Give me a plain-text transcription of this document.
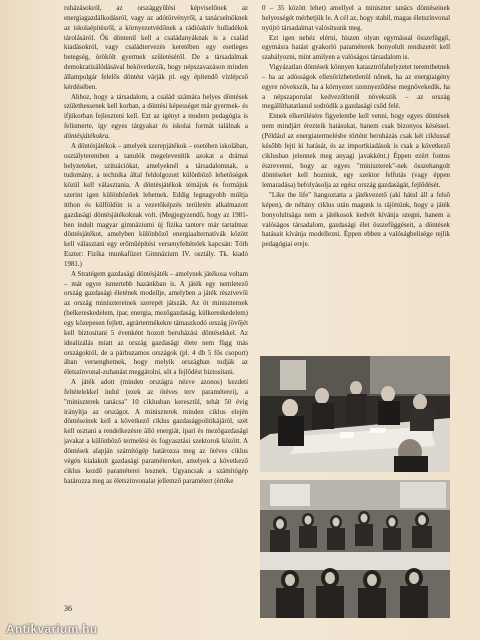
ruházásokról, az országgyűlési képviselőnek az energiagazdálkodásról, vagy az adótörvényről, a tanácselnöknek az iskolaépítésről, a környezetvédőnek a rádióaktív hulladékok tárolásáról. Ők döntenil kell a családanyáknak is a család kiadásokról, vagy családtervezés keretében egy esetleges betegség, örökölt gyermek születéséről. De a társadalmak demokratizálódásával bekövetkezik, hogy népszavazáson minden állampolgár felelős döntést várják pl. egy építendő vízlépcső kérdésében.

Ahhoz, hogy a társadalom, a család számára helyes döntések születhessenek kell korban, a döntési képességet már gyermek- és ifjúkorban fejleszteni kell. Ezt az igényt a modern pedagógia is felismerte, így egyes tárgyakat és iskolai formát találnak a döntésjátékokra.

A döntésjátékok – amelyek szerepjátékok – esetében iskolában, osztályteremben a tanulók megelevenítik azokat a drámai helyzeteket, szituációkat, amelyeknél a társadalomnak, a tudomány, a technika által feldolgozott különböző lehetőségek közül kell választania. A döntésjátékok témájuk és formájuk szerint igen különbözőek lehetnek. Eddig legnagyobb múltja itthon és külföldön is a vezetőképzés területén alkalmazott gazdasági döntésjátékoknak volt. (Megjegyzendő, hogy az 1981-ben indult magyar gimnáziumi új fizika tanterv már tartalmaz döntésjátékot, amelyben különböző energiaalternatívák között kell választani egy erőműépítési versenyfeltételek kapcsán: Tóth Eszter: Fizika munkafüzet Gimnázium IV. osztály. Tk. kiadó 1981.)

A Stratégem gazdasági döntésjáték – amelynek játékosa voltam – már egyre ismertebb hazánkban is. A játék egy nemletező ország gazdasági életének modellje, amelyben a játék résztvevői az ország minisztereinek szerepét játszák. Az öt miniszternek (belkereskedelem, ipar, energia, mezőgazdaság, külkereskedelem) egy közepesen fejlett, agrártermékekre támaszkodó ország jövőjét kell biztosítani 5 évenként hozott beruházási döntésekkel. Az idealizálás miatt az ország gazdasági élete nem függ más országoktól, de a párhuzamos országok (pl. 4 db 5 fős csoport) ában versenghetnek, hogy melyik országban tudják az életszínvonal-zuhanást meggátolni, sőt a fejlődést biztosítani.

A játék adott (minden országra nézve azonos) kezdeti feltételekkel indul (ezek az ötéves terv paraméterei), a "miniszterek tanácsa" 10 ciklusban keresztül, tehát 50 évig irányítja az országot. A miniszterek minden ciklus elején döntéseinek kell a következő ciklus gazdaságpolitikájáról, szét kell osztani a rendelkezésre álló energiát, ipari és mezőgazdasági javakat a különböző termelési és fogyasztási szektorok között. A döntések alapján számítógép határozza meg az ötéves ciklus végén kialakult gazdasági paramétereket, amelyek a következő ciklus kezdő paraméterei lesznek. Ugyancsak a számítógép határozza meg az életszínvonalat jellemző paramétert (értéke

0 – 35 között lehet) amellyel a miniszter tanács döntéseinek helyességét mérhetjük le. A cél az, hogy stabil, magas életszínvonal nyújtó társadalmat valósítsunk meg.

Ezt igen nehéz elérni, hiszen olyan egymással összefüggő, egymásra hatást gyakorló paraméterek bonyolult rendszerét kell szabályozni, mint amilyen a valóságos társadalom is.

Vigyázatlan döntések könnyen katasztrófahelyzetet teremthetnek – ha az adósságok ellenőrizhetetlenül nőnek, ha az energiaigény egyre növekszik, ha a környezet szennyeződése megnövekedik, ha a népszaporulat kedvezőtlenül növekszik – az ország megállíthatatlanul sodródik a gazdasági csőd felé.

Ennek elkerülésére figyelembe kell venni, hogy egyes döntések nem mindjárt érezteik hatásukat, hanem csak bizonyos késéssel. (Például az energiatermelésbe történt beruházás csak két ciklussal később fejti ki hatását, és az importkiadások is csak a következő ciklusban jelennek meg anyagi javakként.) Éppen ezért fontos észrevenni, hogy az egyes "miniszterek"-nek összehangolt döntéseket kell hozniuk, egy szektor felfutás (vagy éppen lemaradása) befolyásolja az egész ország gazdaságát, fejlődését.

"Like the life" hangoztatta a játékvezető (aki hátul áll a felső képen), de néhány ciklus után magunk is rájöttünk, hogy a játék bonyolultsága nem a játékosok kedvét kívánja szegni, hanem a valóságos társadalom, gazdasági élet összefüggéseit, a döntések hatásait kívánja modellezni. Éppen ebben a valóságbelisége rejlik pedagógiai ereje.

36
Antikvarium.hu
